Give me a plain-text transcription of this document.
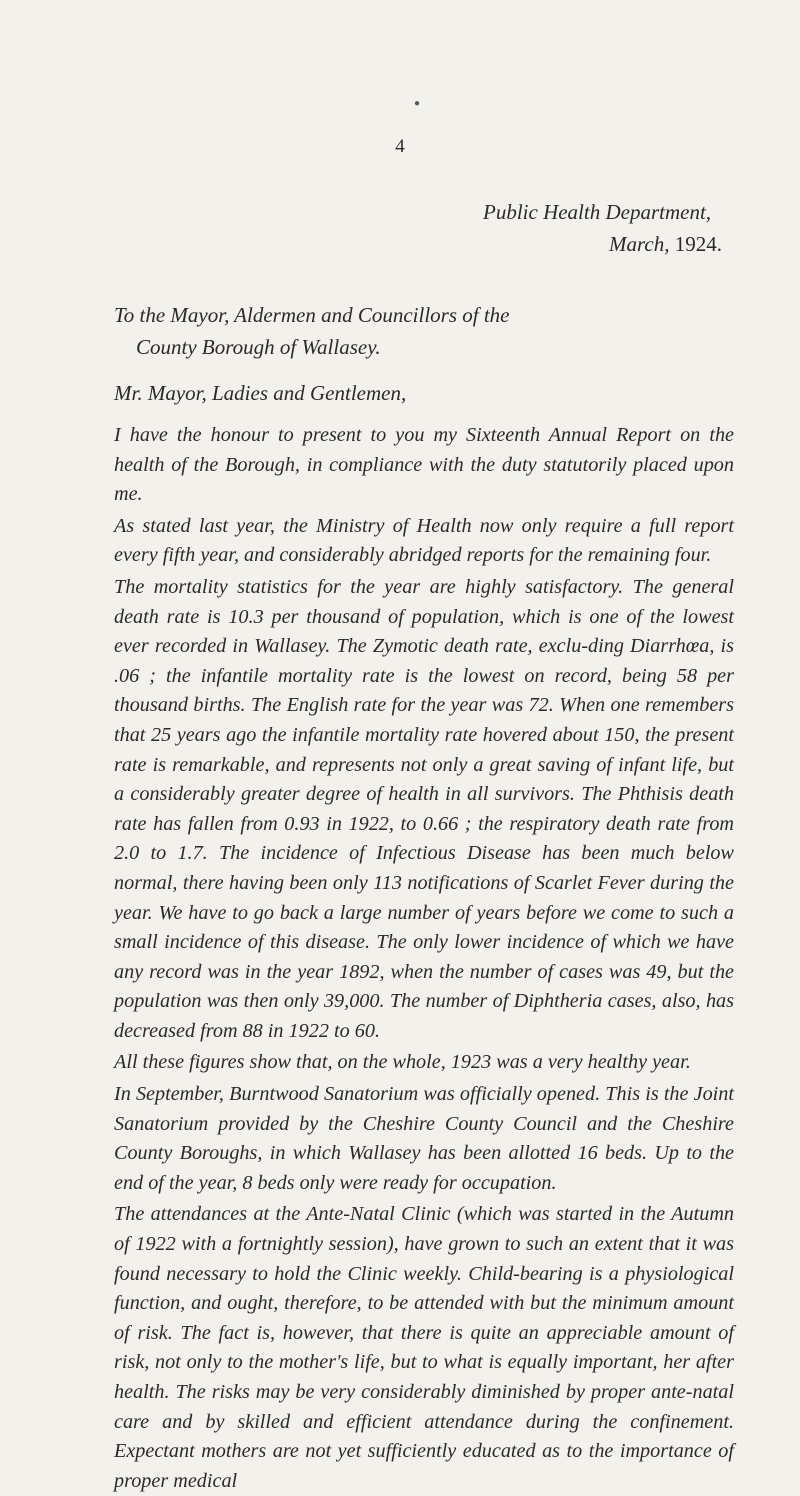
●
4
Public Health Department,
March, 1924.
To the Mayor, Aldermen and Councillors of the
County Borough of Wallasey.
Mr. Mayor, Ladies and Gentlemen,

I have the honour to present to you my Sixteenth Annual Report on the health of the Borough, in compliance with the duty statutorily placed upon me.

As stated last year, the Ministry of Health now only require a full report every fifth year, and considerably abridged reports for the remaining four.

The mortality statistics for the year are highly satisfactory. The general death rate is 10.3 per thousand of population, which is one of the lowest ever recorded in Wallasey. The Zymotic death rate, exclu-ding Diarrhœa, is .06 ; the infantile mortality rate is the lowest on record, being 58 per thousand births. The English rate for the year was 72. When one remembers that 25 years ago the infantile mortality rate hovered about 150, the present rate is remarkable, and represents not only a great saving of infant life, but a considerably greater degree of health in all survivors. The Phthisis death rate has fallen from 0.93 in 1922, to 0.66 ; the respiratory death rate from 2.0 to 1.7. The incidence of Infectious Disease has been much below normal, there having been only 113 notifications of Scarlet Fever during the year. We have to go back a large number of years before we come to such a small incidence of this disease. The only lower incidence of which we have any record was in the year 1892, when the number of cases was 49, but the population was then only 39,000. The number of Diphtheria cases, also, has decreased from 88 in 1922 to 60.

All these figures show that, on the whole, 1923 was a very healthy year.

In September, Burntwood Sanatorium was officially opened. This is the Joint Sanatorium provided by the Cheshire County Council and the Cheshire County Boroughs, in which Wallasey has been allotted 16 beds. Up to the end of the year, 8 beds only were ready for occupation.

The attendances at the Ante-Natal Clinic (which was started in the Autumn of 1922 with a fortnightly session), have grown to such an extent that it was found necessary to hold the Clinic weekly. Child-bearing is a physiological function, and ought, therefore, to be attended with but the minimum amount of risk. The fact is, however, that there is quite an appreciable amount of risk, not only to the mother's life, but to what is equally important, her after health. The risks may be very considerably diminished by proper ante-natal care and by skilled and efficient attendance during the confinement. Expectant mothers are not yet sufficiently educated as to the importance of proper medical
